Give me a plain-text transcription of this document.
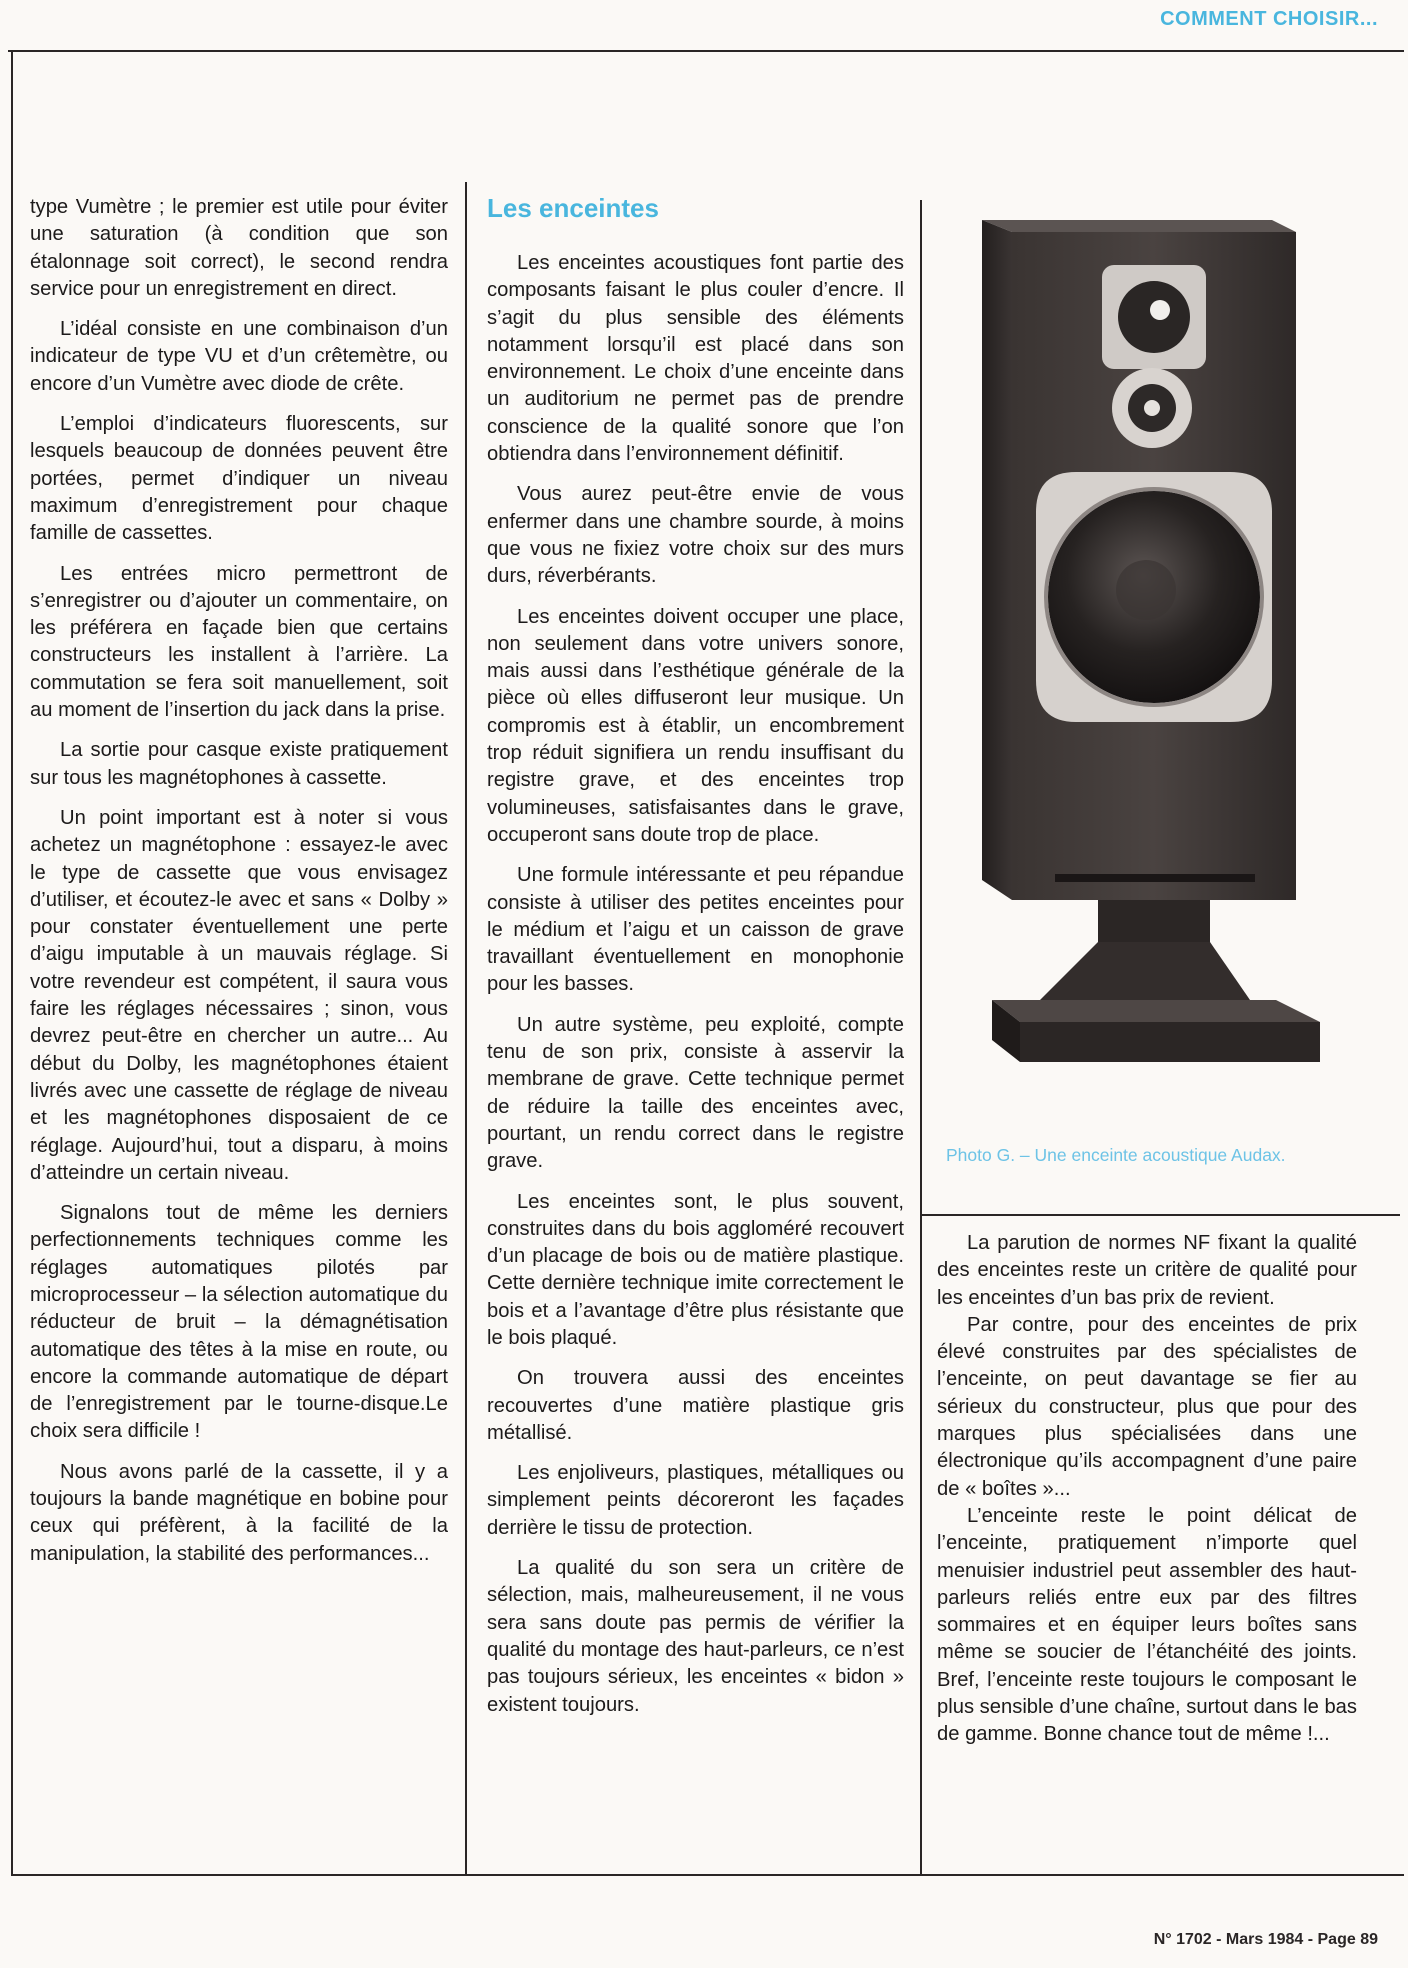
COMMENT CHOISIR...

type Vumètre ; le premier est utile pour éviter une saturation (à condition que son étalonnage soit correct), le second rendra service pour un enregistrement en direct.

L’idéal consiste en une combinaison d’un indicateur de type VU et d’un crêtemètre, ou encore d’un Vumètre avec diode de crête.

L’emploi d’indicateurs fluorescents, sur lesquels beaucoup de données peuvent être portées, permet d’indiquer un niveau maximum d’enregistrement pour chaque famille de cassettes.

Les entrées micro permettront de s’enregistrer ou d’ajouter un commentaire, on les préférera en façade bien que certains constructeurs les installent à l’arrière. La commutation se fera soit manuellement, soit au moment de l’insertion du jack dans la prise.

La sortie pour casque existe pratiquement sur tous les magnétophones à cassette.

Un point important est à noter si vous achetez un magnétophone : essayez-le avec le type de cassette que vous envisagez d’utiliser, et écoutez-le avec et sans « Dolby » pour constater éventuellement une perte d’aigu imputable à un mauvais réglage. Si votre revendeur est compétent, il saura vous faire les réglages nécessaires ; sinon, vous devrez peut-être en chercher un autre... Au début du Dolby, les magnétophones étaient livrés avec une cassette de réglage de niveau et les magnétophones disposaient de ce réglage. Aujourd’hui, tout a disparu, à moins d’atteindre un certain niveau.

Signalons tout de même les derniers perfectionnements techniques comme les réglages automatiques pilotés par microprocesseur – la sélection automatique du réducteur de bruit – la démagnétisation automatique des têtes à la mise en route, ou encore la commande automatique de départ de l’enregistrement par le tourne-disque.Le choix sera difficile !

Nous avons parlé de la cassette, il y a toujours la bande magnétique en bobine pour ceux qui préfèrent, à la facilité de la manipulation, la stabilité des performances...

Les enceintes

Les enceintes acoustiques font partie des composants faisant le plus couler d’encre. Il s’agit du plus sensible des éléments notamment lorsqu’il est placé dans son environnement. Le choix d’une enceinte dans un auditorium ne permet pas de prendre conscience de la qualité sonore que l’on obtiendra dans l’environnement définitif.

Vous aurez peut-être envie de vous enfermer dans une chambre sourde, à moins que vous ne fixiez votre choix sur des murs durs, réverbérants.

Les enceintes doivent occuper une place, non seulement dans votre univers sonore, mais aussi dans l’esthétique générale de la pièce où elles diffuseront leur musique. Un compromis est à établir, un encombrement trop réduit signifiera un rendu insuffisant du registre grave, et des enceintes trop volumineuses, satisfaisantes dans le grave, occuperont sans doute trop de place.

Une formule intéressante et peu répandue consiste à utiliser des petites enceintes pour le médium et l’aigu et un caisson de grave travaillant éventuellement en monophonie pour les basses.

Un autre système, peu exploité, compte tenu de son prix, consiste à asservir la membrane de grave. Cette technique permet de réduire la taille des enceintes avec, pourtant, un rendu correct dans le registre grave.

Les enceintes sont, le plus souvent, construites dans du bois aggloméré recouvert d’un placage de bois ou de matière plastique. Cette dernière technique imite correctement le bois et a l’avantage d’être plus résistante que le bois plaqué.

On trouvera aussi des enceintes recouvertes d’une matière plastique gris métallisé.

Les enjoliveurs, plastiques, métalliques ou simplement peints décoreront les façades derrière le tissu de protection.

La qualité du son sera un critère de sélection, mais, malheureusement, il ne vous sera sans doute pas permis de vérifier la qualité du montage des haut-parleurs, ce n’est pas toujours sérieux, les enceintes « bidon » existent toujours.

Photo G. – Une enceinte acoustique Audax.

La parution de normes NF fixant la qualité des enceintes reste un critère de qualité pour les enceintes d’un bas prix de revient.

Par contre, pour des enceintes de prix élevé construites par des spécialistes de l’enceinte, on peut davantage se fier au sérieux du constructeur, plus que pour des marques plus spécialisées dans une électronique qu’ils accompagnent d’une paire de « boîtes »...

L’enceinte reste le point délicat de l’enceinte, pratiquement n’importe quel menuisier industriel peut assembler des haut-parleurs reliés entre eux par des filtres sommaires et en équiper leurs boîtes sans même se soucier de l’étanchéité des joints. Bref, l’enceinte reste toujours le composant le plus sensible d’une chaîne, surtout dans le bas de gamme. Bonne chance tout de même !...

N° 1702 - Mars 1984 - Page 89
